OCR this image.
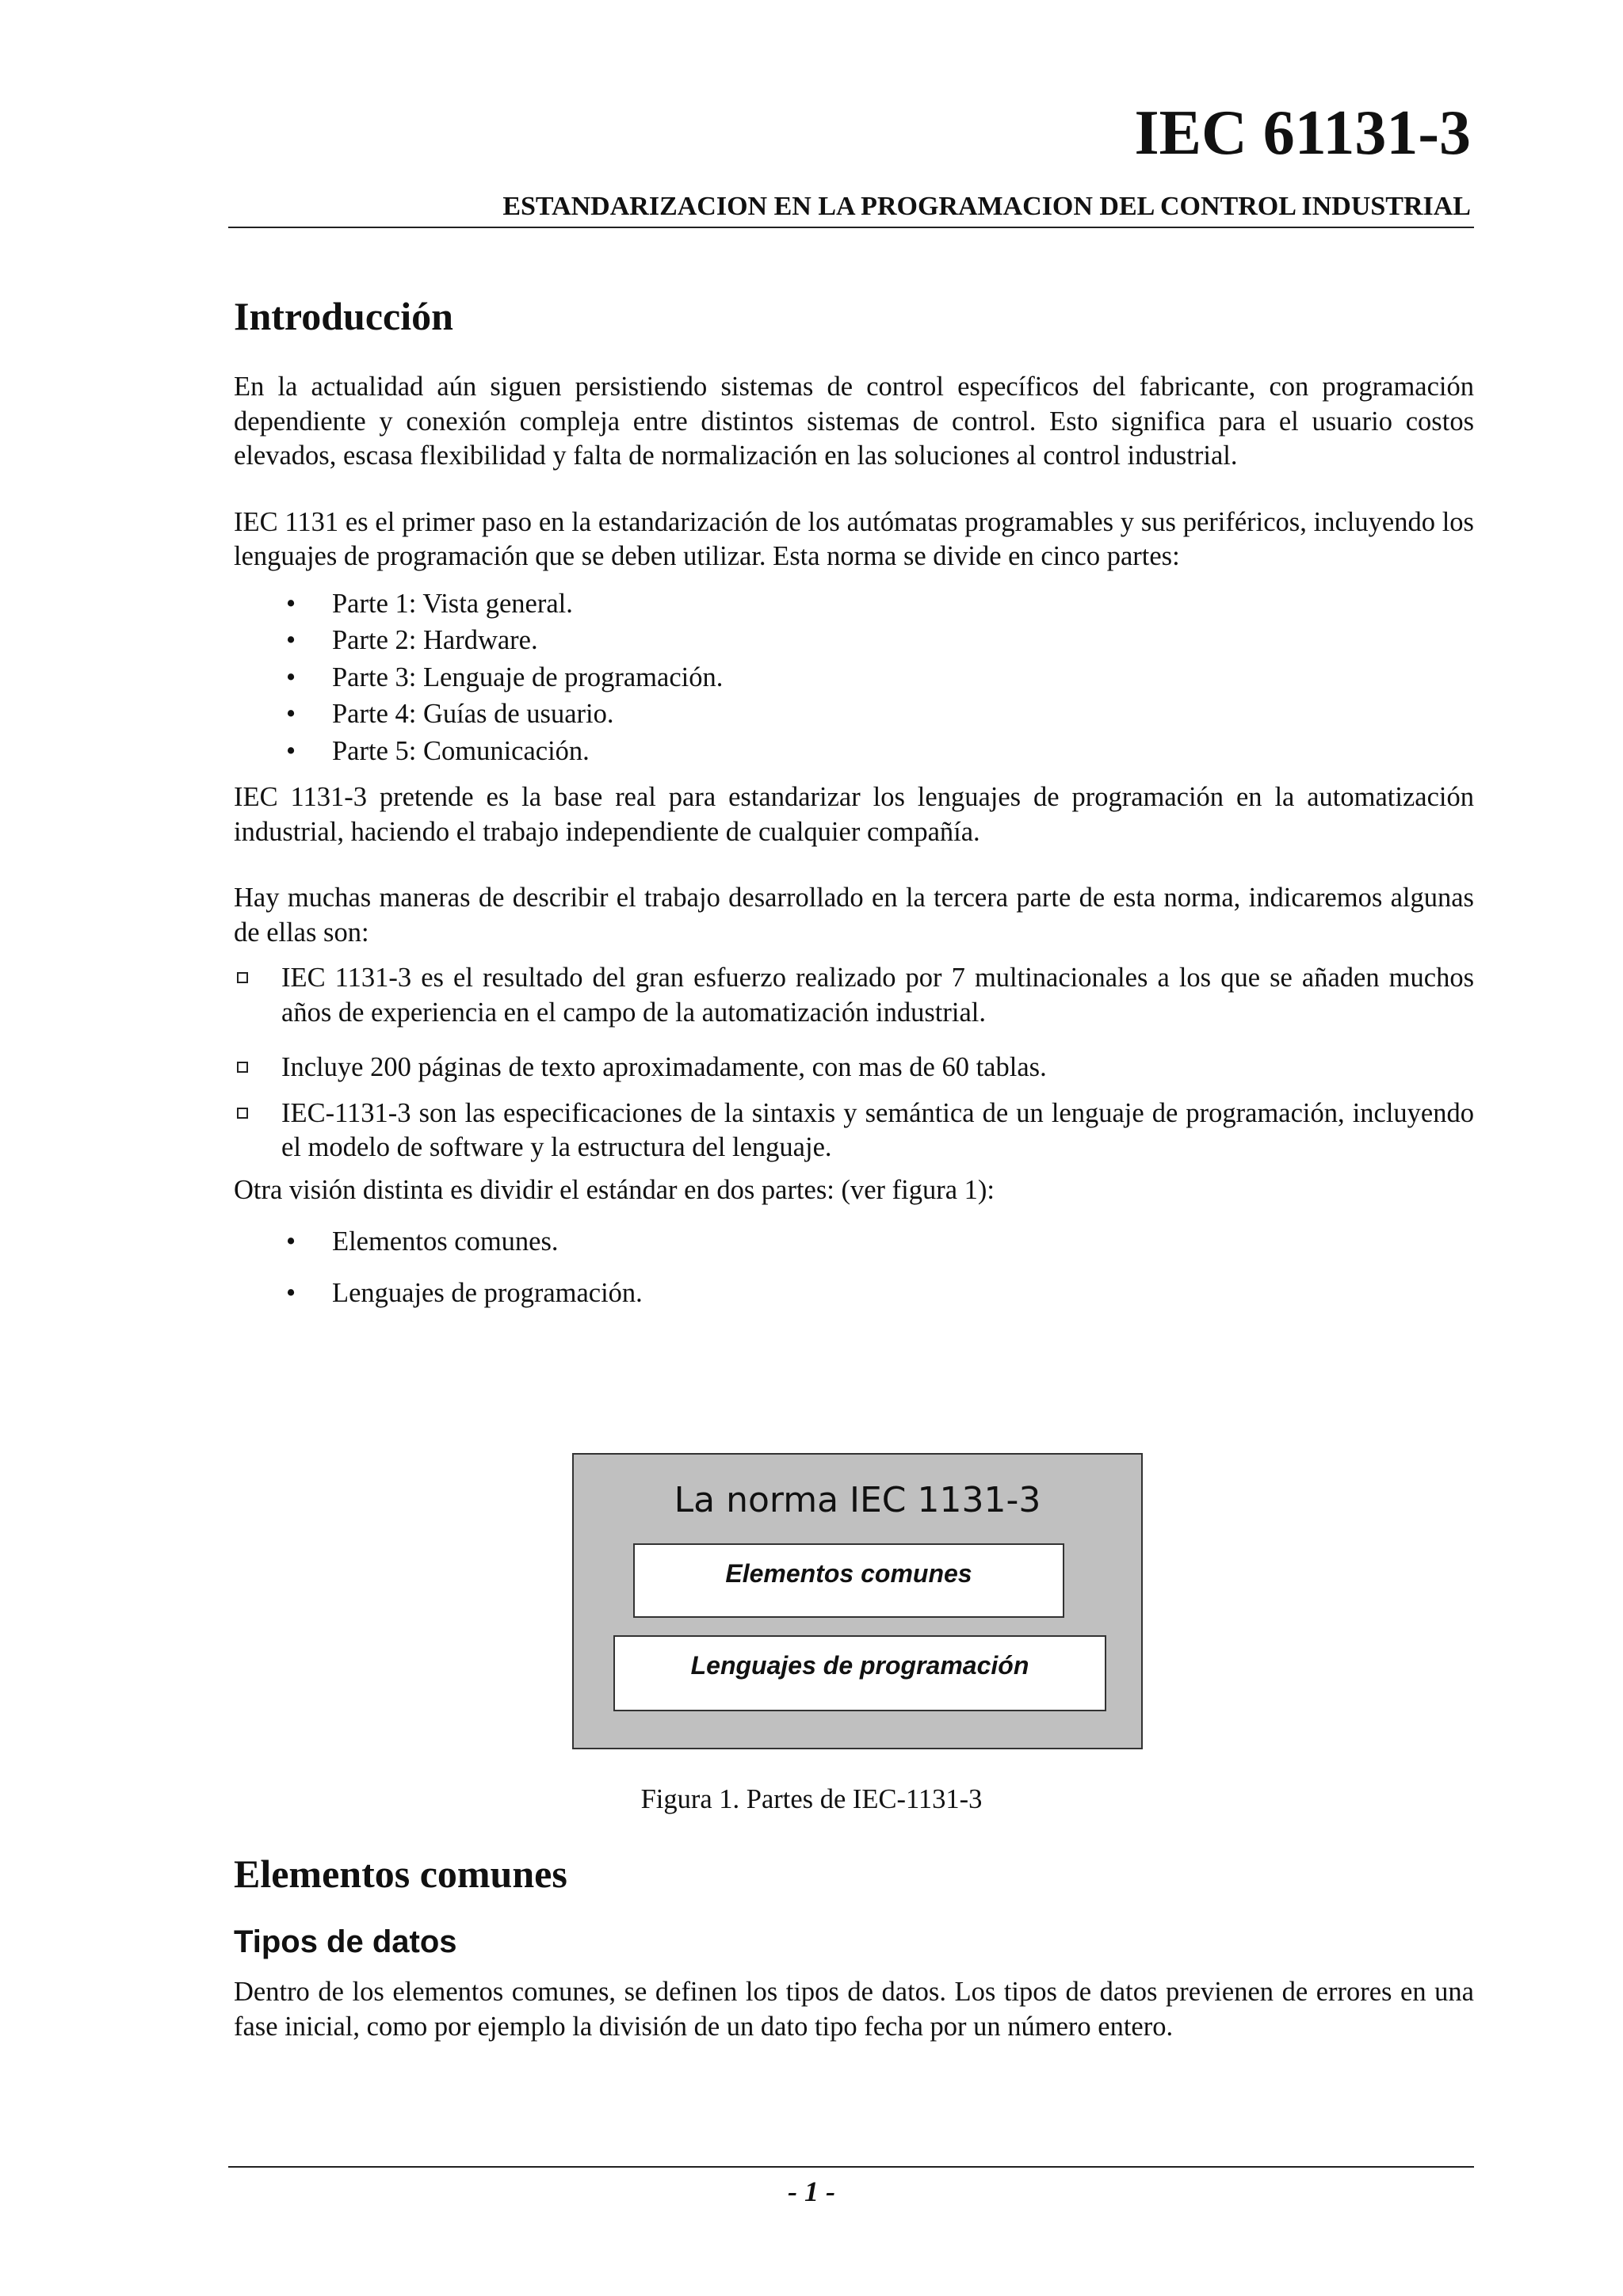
IEC 61131-3
ESTANDARIZACION EN LA PROGRAMACION DEL CONTROL INDUSTRIAL
Introducción

En la actualidad aún siguen persistiendo sistemas de control específicos del fabricante, con programación dependiente y conexión compleja entre distintos sistemas de control. Esto significa para el usuario costos elevados, escasa flexibilidad y falta de normalización en las soluciones al control industrial.

IEC 1131 es el primer paso en la estandarización de los autómatas programables y sus periféricos, incluyendo los lenguajes de programación que se deben utilizar. Esta norma se divide en cinco partes:

• Parte 1: Vista general.
• Parte 2: Hardware.
• Parte 3: Lenguaje de programación.
• Parte 4: Guías de usuario.
• Parte 5: Comunicación.

IEC 1131-3 pretende es la base real para estandarizar los lenguajes de programación en la automatización industrial, haciendo el trabajo independiente de cualquier compañía.

Hay muchas maneras de describir el trabajo desarrollado en la tercera parte de esta norma, indicaremos algunas de ellas son:

IEC 1131-3 es el resultado del gran esfuerzo realizado por 7 multinacionales a los que se añaden muchos años de experiencia en el campo de la automatización industrial.
Incluye 200 páginas de texto aproximadamente, con mas de 60 tablas.
IEC-1131-3 son las especificaciones de la sintaxis y semántica de un lenguaje de programación, incluyendo el modelo de software y la estructura del lenguaje.

Otra visión distinta es dividir el estándar en dos partes: (ver figura 1):

• Elementos comunes.
• Lenguajes de programación.
La norma IEC 1131-3
Elementos comunes
Lenguajes de programación
Figura 1. Partes de IEC-1131-3
Elementos comunes
Tipos de datos

Dentro de los elementos comunes, se definen los tipos de datos. Los tipos de datos previenen de errores en una fase inicial, como por ejemplo la división de un dato tipo fecha por un número entero.

- 1 -
